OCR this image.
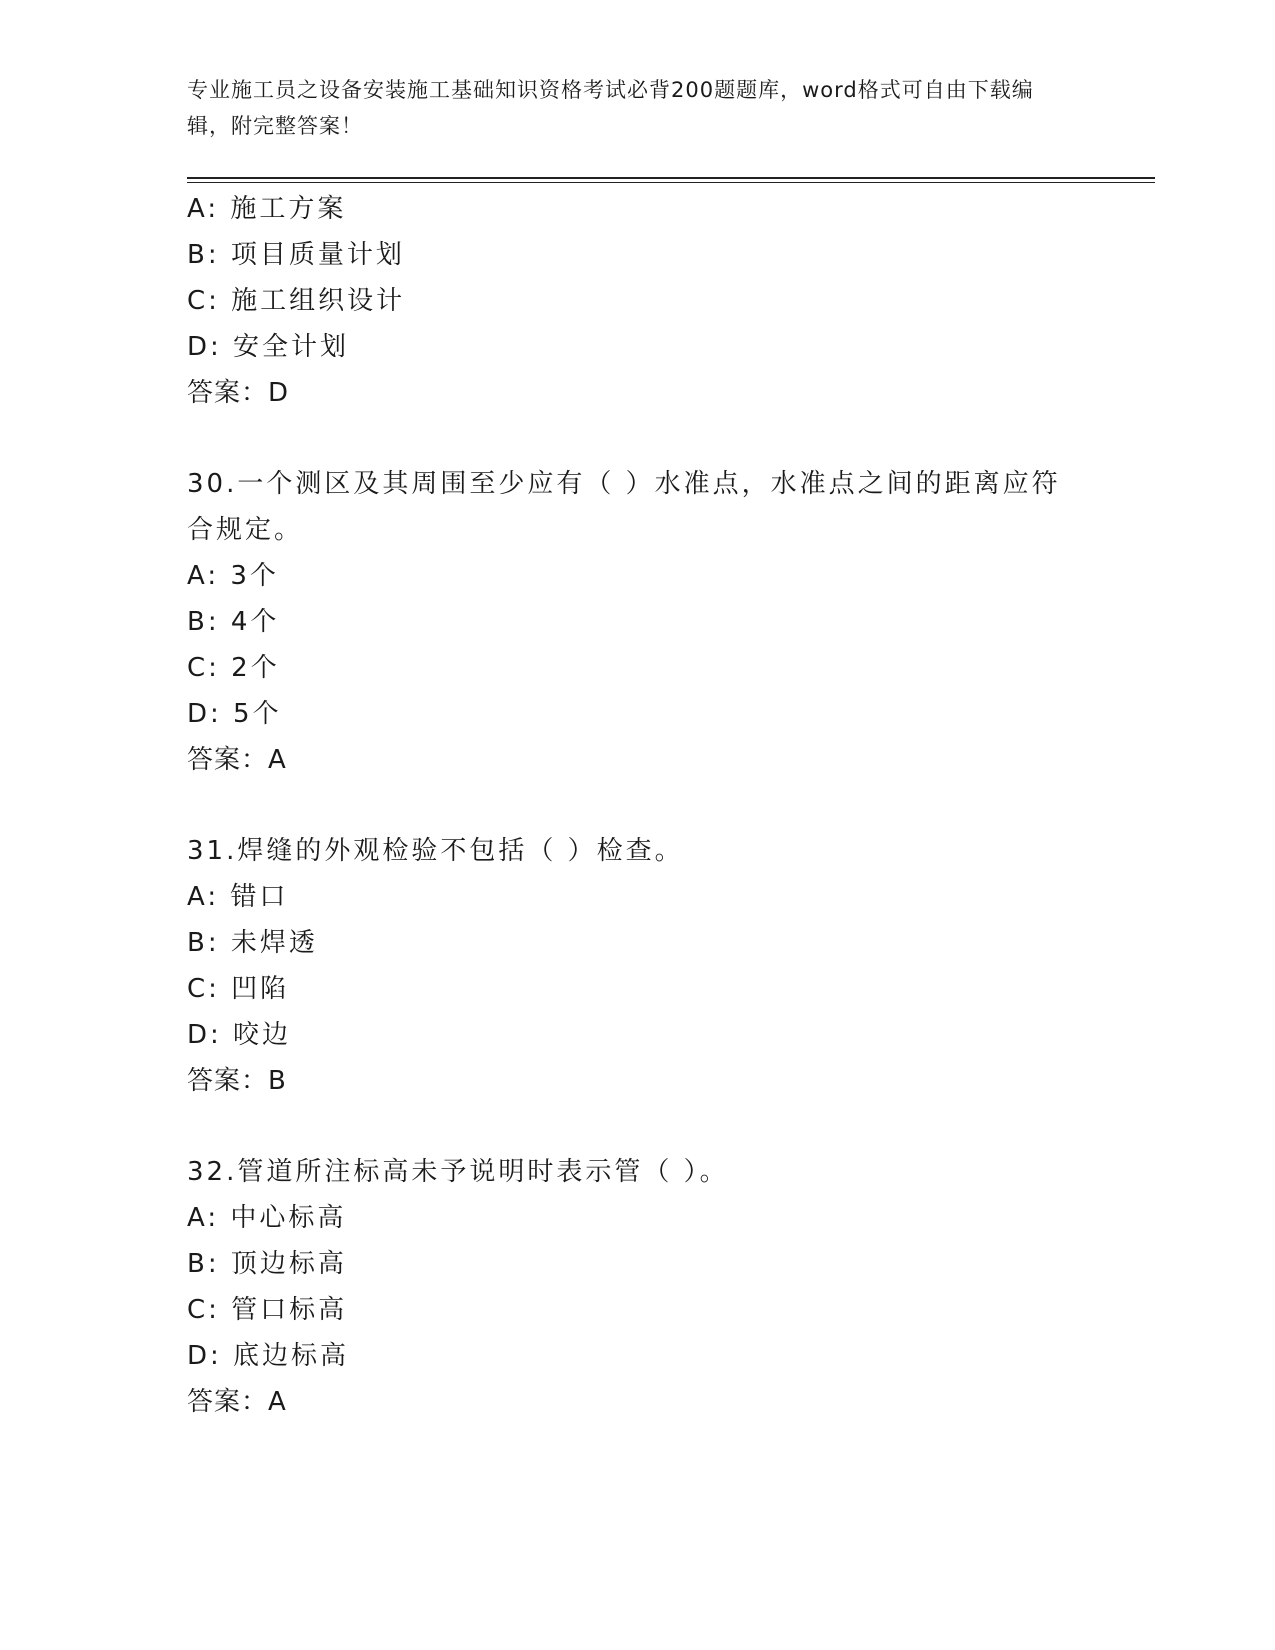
专业施工员之设备安装施工基础知识资格考试必背200题题库，word格式可自由下载编辑，附完整答案！
A: 施工方案
B: 项目质量计划
C: 施工组织设计
D: 安全计划
答案：D
30.一个测区及其周围至少应有（ ）水准点，水准点之间的距离应符合规定。
A: 3个
B: 4个
C: 2个
D: 5个
答案：A
31.焊缝的外观检验不包括（ ）检查。
A: 错口
B: 未焊透
C: 凹陷
D: 咬边
答案：B
32.管道所注标高未予说明时表示管（ ）。
A: 中心标高
B: 顶边标高
C: 管口标高
D: 底边标高
答案：A
